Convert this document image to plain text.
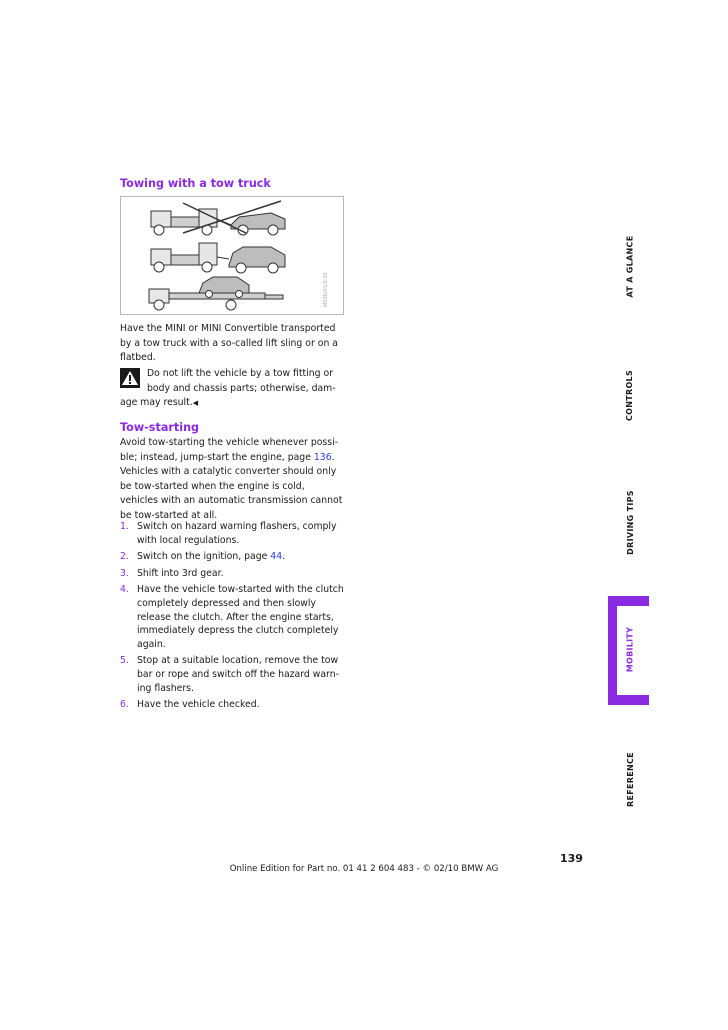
Towing with a tow truck
MS06/01/0.00

Have the MINI or MINI Convertible transported by a tow truck with a so-called lift sling or on a flatbed.

Do not lift the vehicle by a tow fitting or
body and chassis parts; otherwise, dam-
age may result.◀
Tow-starting

Avoid tow-starting the vehicle whenever possi-ble; instead, jump-start the engine, page 136. Vehicles with a catalytic converter should only be tow-started when the engine is cold, vehicles with an automatic transmission cannot be tow-started at all.

1. Switch on hazard warning flashers, comply with local regulations.
2. Switch on the ignition, page 44.
3. Shift into 3rd gear.
4. Have the vehicle tow-started with the clutch completely depressed and then slowly release the clutch. After the engine starts, immediately depress the clutch completely again.
5. Stop at a suitable location, remove the tow bar or rope and switch off the hazard warn-ing flashers.
6. Have the vehicle checked.
AT A GLANCE
CONTROLS
DRIVING TIPS
MOBILITY
REFERENCE
139
Online Edition for Part no. 01 41 2 604 483 - © 02/10 BMW AG
